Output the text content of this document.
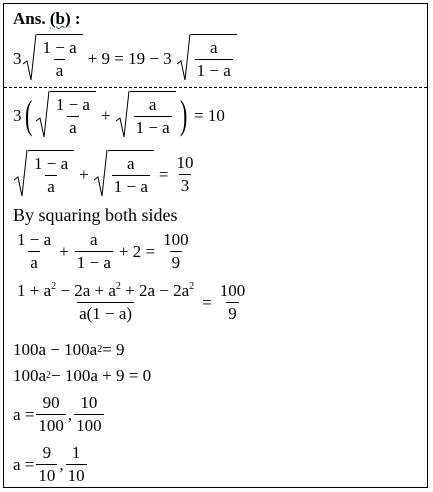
Ans. (b) :
$3 \frac{1 - a}{a} + 9 = 19 - 3 \frac{a}{1 - a}$
3 ( $\frac{1 - a}{a} + \frac{a}{1 - a}$ ) = 10
$\frac{1 - a}{a} + \frac{a}{1 - a} = \frac{10}{3}$
By squaring both sides
$\frac{1 - a}{a} + \frac{a}{1 - a} + 2 = \frac{100}{9}$
$\frac{1 + a^2 - 2a + a^2 + 2a - 2a^2}{a(1 - a)} = \frac{100}{9}$
100a − 100a 2 = 9
100a 2 − 100a + 9 = 0
$a = \frac{90}{100}$ , $\frac{10}{100}$
$a = \frac{9}{10}$ , $\frac{1}{10}$
